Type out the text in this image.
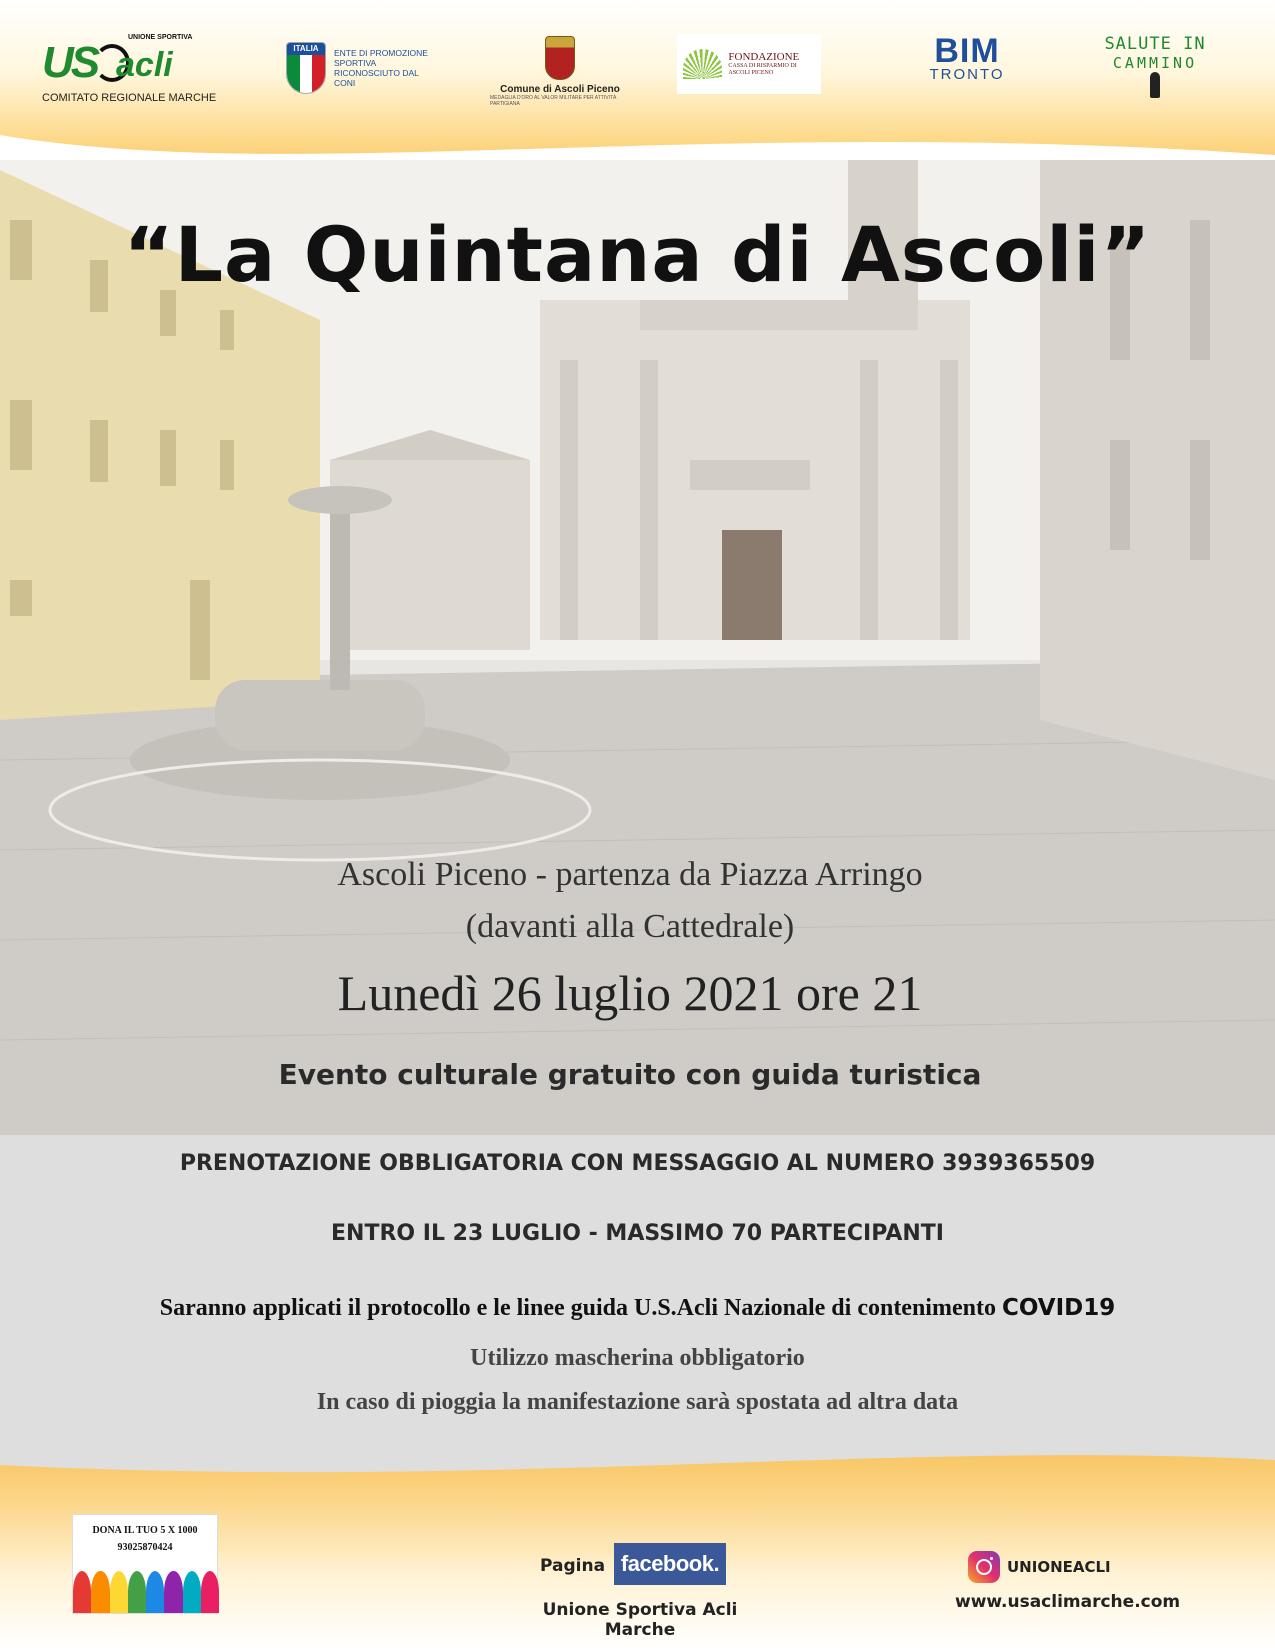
US acli
UNIONE SPORTIVA
COMITATO REGIONALE MARCHE
ITALIA	ENTE DI PROMOZIONE SPORTIVA RICONOSCIUTO DAL CONI
Comune di Ascoli Piceno
MEDAGLIA D'ORO AL VALOR MILITARE PER ATTIVITÀ PARTIGIANA
FONDAZIONE
CASSA DI RISPARMIO DI ASCOLI PICENO
BIM
TRONTO
SALUTE IN
CAMMINO
“La Quintana di Ascoli”
Ascoli Piceno - partenza da Piazza Arringo
(davanti alla Cattedrale)
Lunedì 26 luglio 2021 ore 21
Evento culturale gratuito con guida turistica
PRENOTAZIONE OBBLIGATORIA CON MESSAGGIO AL NUMERO 3939365509
ENTRO IL 23 LUGLIO - MASSIMO 70 PARTECIPANTI
Saranno applicati il protocollo e le linee guida U.S.Acli Nazionale di contenimento COVID19
Utilizzo mascherina obbligatorio
In caso di pioggia la manifestazione sarà spostata ad altra data
DONA IL TUO 5 X 1000
93025870424
Pagina facebook.
Unione Sportiva Acli Marche
UNIONEACLI
www.usaclimarche.com
